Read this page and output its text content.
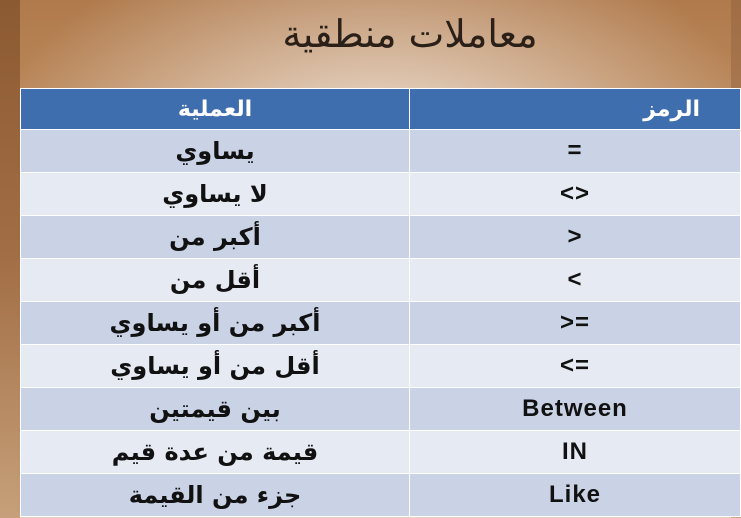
معاملات منطقية
الرمز	العملية
=	يساوي
<>	لا يساوي
>	أكبر من
<	أقل من
>=	أكبر من أو يساوي
<=	أقل من أو يساوي
Between	بين قيمتين
IN	قيمة من عدة قيم
Like	جزء من القيمة
